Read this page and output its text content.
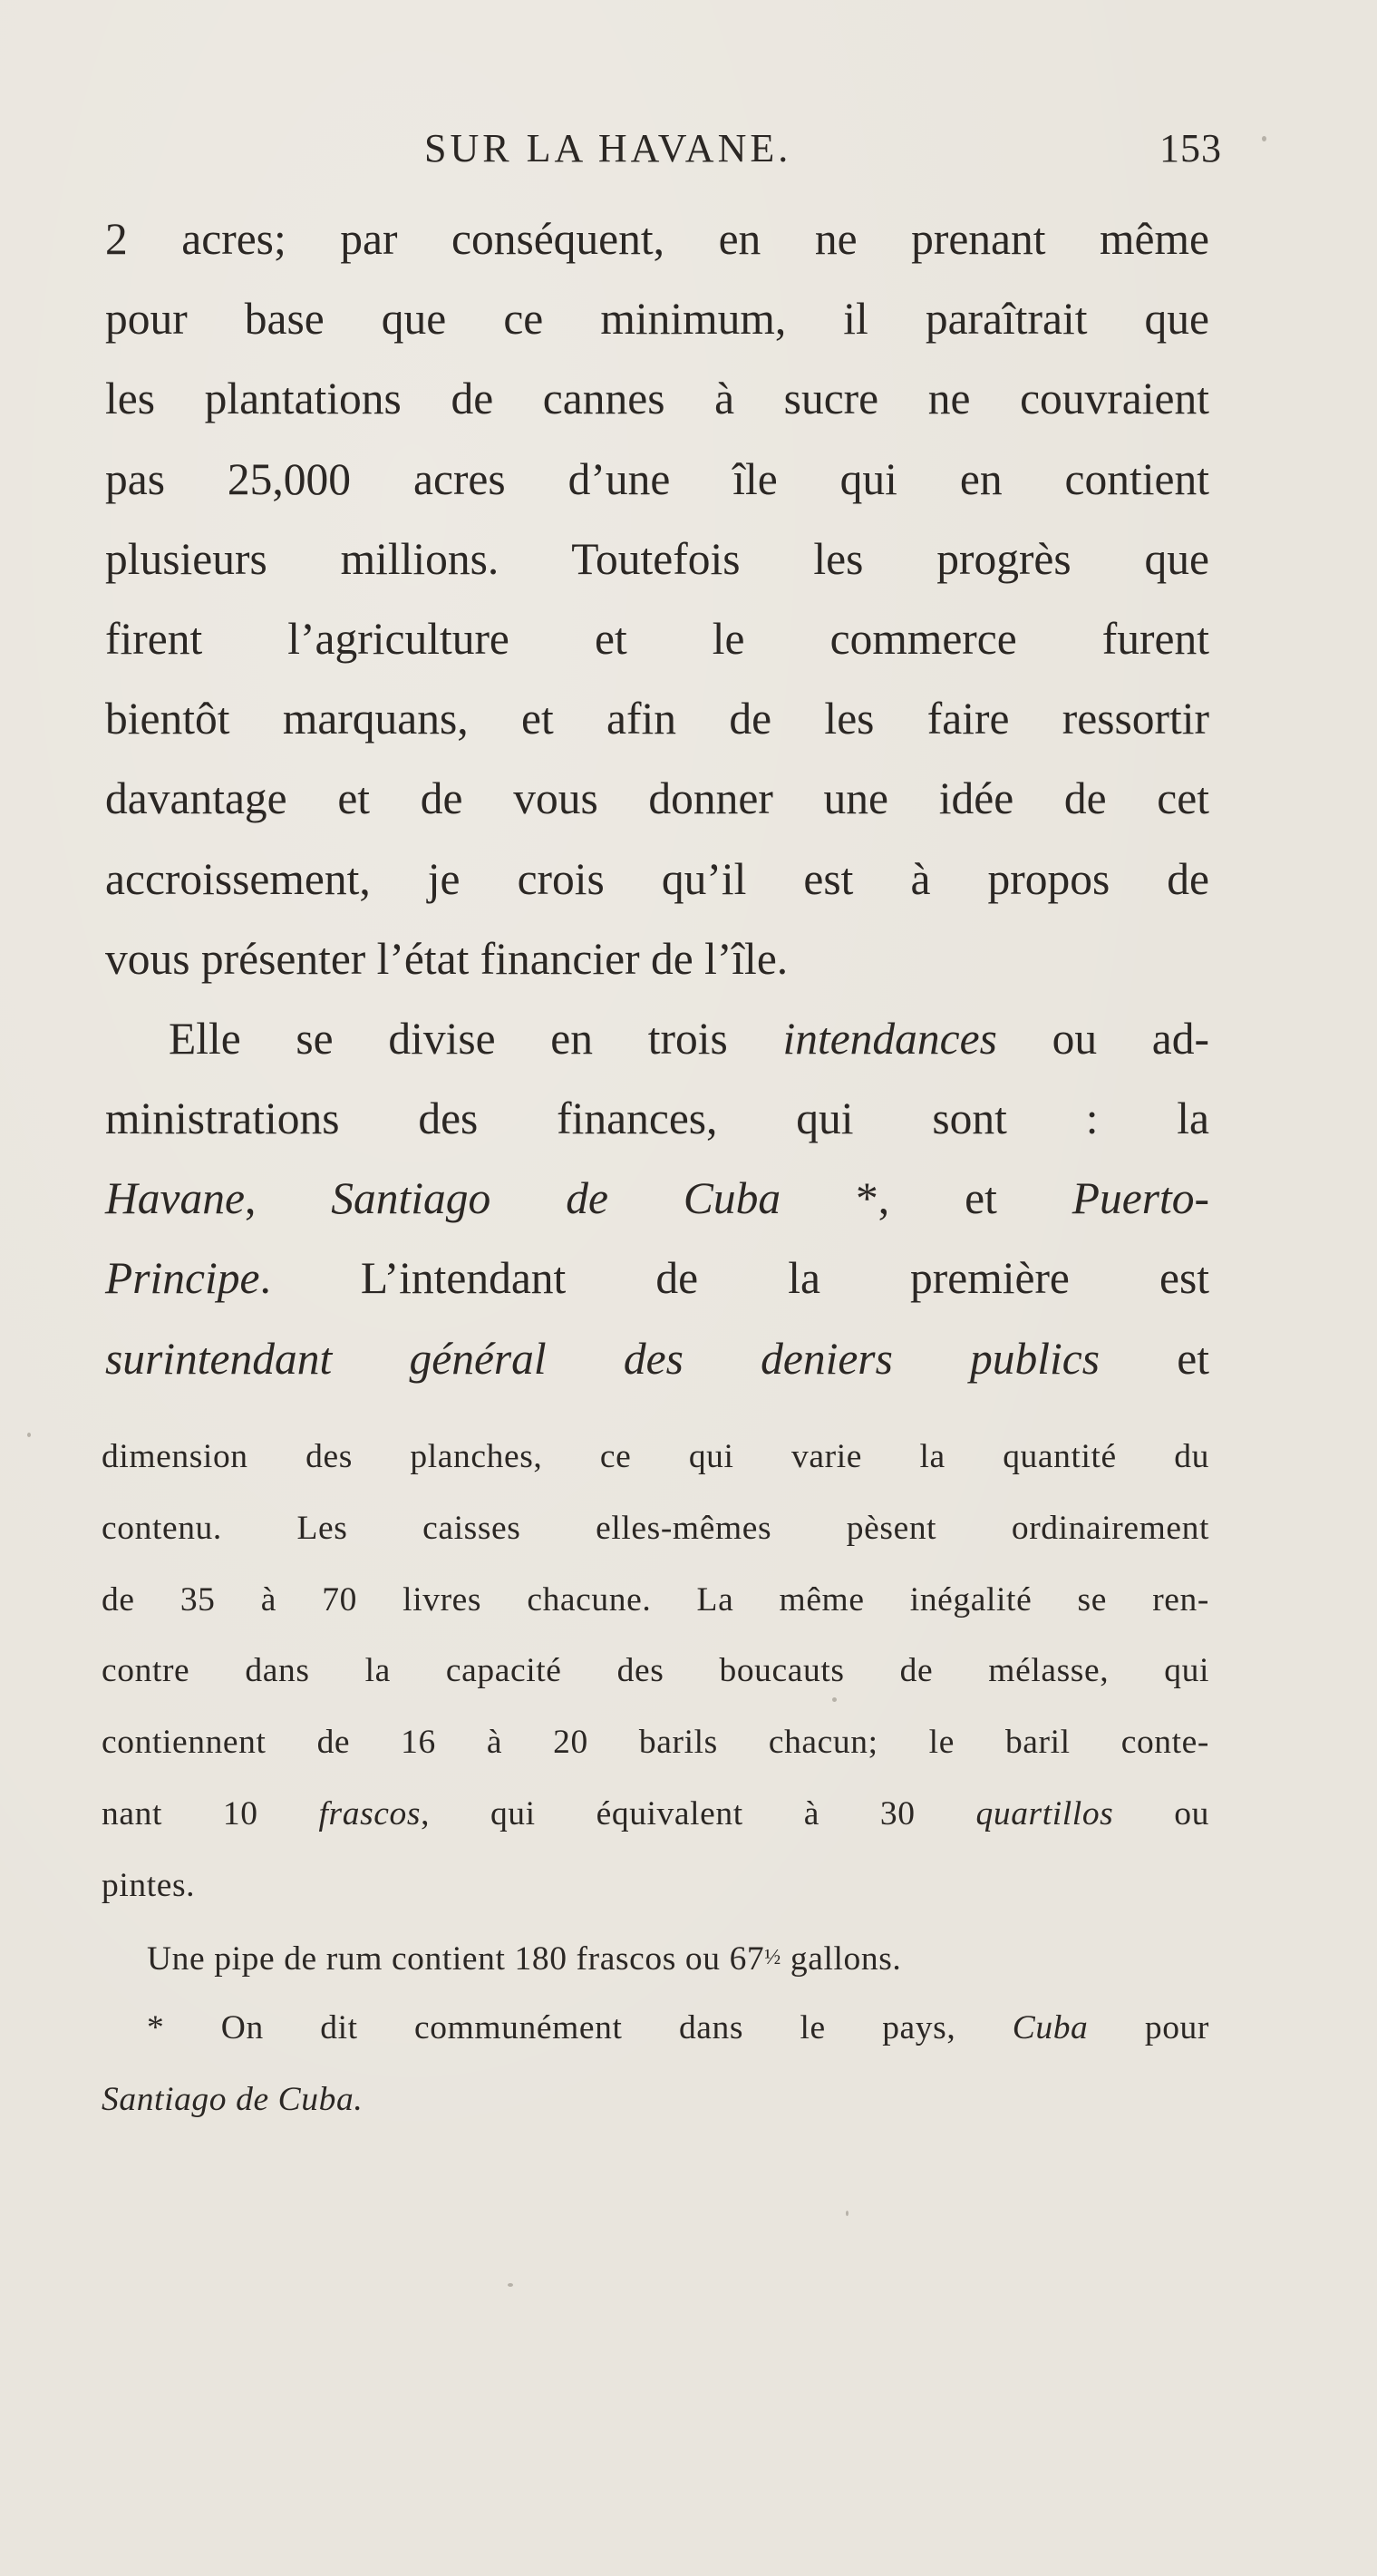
SUR LA HAVANE.	153
2 acres; par conséquent, en ne prenant même
pour base que ce minimum, il paraîtrait que
les plantations de cannes à sucre ne couvraient
pas 25,000 acres d’une île qui en contient
plusieurs millions. Toutefois les progrès que
firent l’agriculture et le commerce furent
bientôt marquans, et afin de les faire ressortir
davantage et de vous donner une idée de cet
accroissement, je crois qu’il est à propos de
vous présenter l’état financier de l’île.
Elle se divise en trois intendances ou ad-
ministrations des finances, qui sont : la
Havane, Santiago de Cuba *, et Puerto-
Principe. L’intendant de la première est
surintendant général des deniers publics et
dimension des planches, ce qui varie la quantité du
contenu. Les caisses elles-mêmes pèsent ordinairement
de 35 à 70 livres chacune. La même inégalité se ren-
contre dans la capacité des boucauts de mélasse, qui
contiennent de 16 à 20 barils chacun; le baril conte-
nant 10 frascos, qui équivalent à 30 quartillos ou
pintes.
Une pipe de rum contient 180 frascos ou 67½ gallons.
* On dit communément dans le pays, Cuba pour
Santiago de Cuba.
